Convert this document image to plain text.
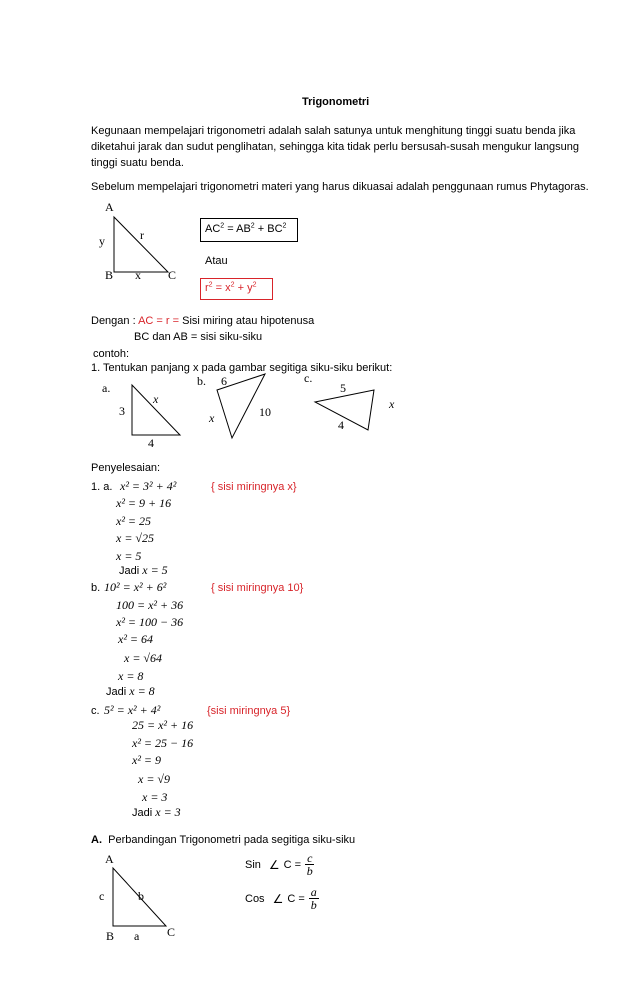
Trigonometri
Kegunaan mempelajari trigonometri adalah salah satunya untuk menghitung tinggi suatu benda jika
diketahui jarak dan sudut penglihatan, sehingga kita tidak perlu bersusah-susah mengukur langsung
tinggi suatu benda.
Sebelum mempelajari trigonometri materi yang harus dikuasai adalah penggunaan rumus Phytagoras.
A
y	r
B x C
$AC^2 = AB^2 + BC^2$
Atau
$r^2 = x^2 + y^2$
Dengan : AC = r = Sisi miring atau hipotenusa
BC dan AB = sisi siku-siku
contoh:
1. Tentukan panjang x pada gambar segitiga siku-siku berikut:
a.
x
3
4
b. 6
x	10
c.
5
x
4
Penyelesaian:
1. a. x² = 3² + 4²	{ sisi miringnya x}
x² = 9 + 16
x² = 25
x = √25
x = 5
Jadi x = 5
b. 10² = x² + 6²	{ sisi miringnya 10}
100 = x² + 36
x² = 100 − 36
x² = 64
x = √64
x = 8
Jadi x = 8
c. 5² = x² + 4²	{sisi miringnya 5}
25 = x² + 16
x² = 25 − 16
x² = 9
x = √9
x = 3
Jadi x = 3
A. Perbandingan Trigonometri pada segitiga siku-siku
A
c	b
B a C
Sin ∠ $C = \frac{c}{b}$
Cos ∠ $C = \frac{a}{b}$
